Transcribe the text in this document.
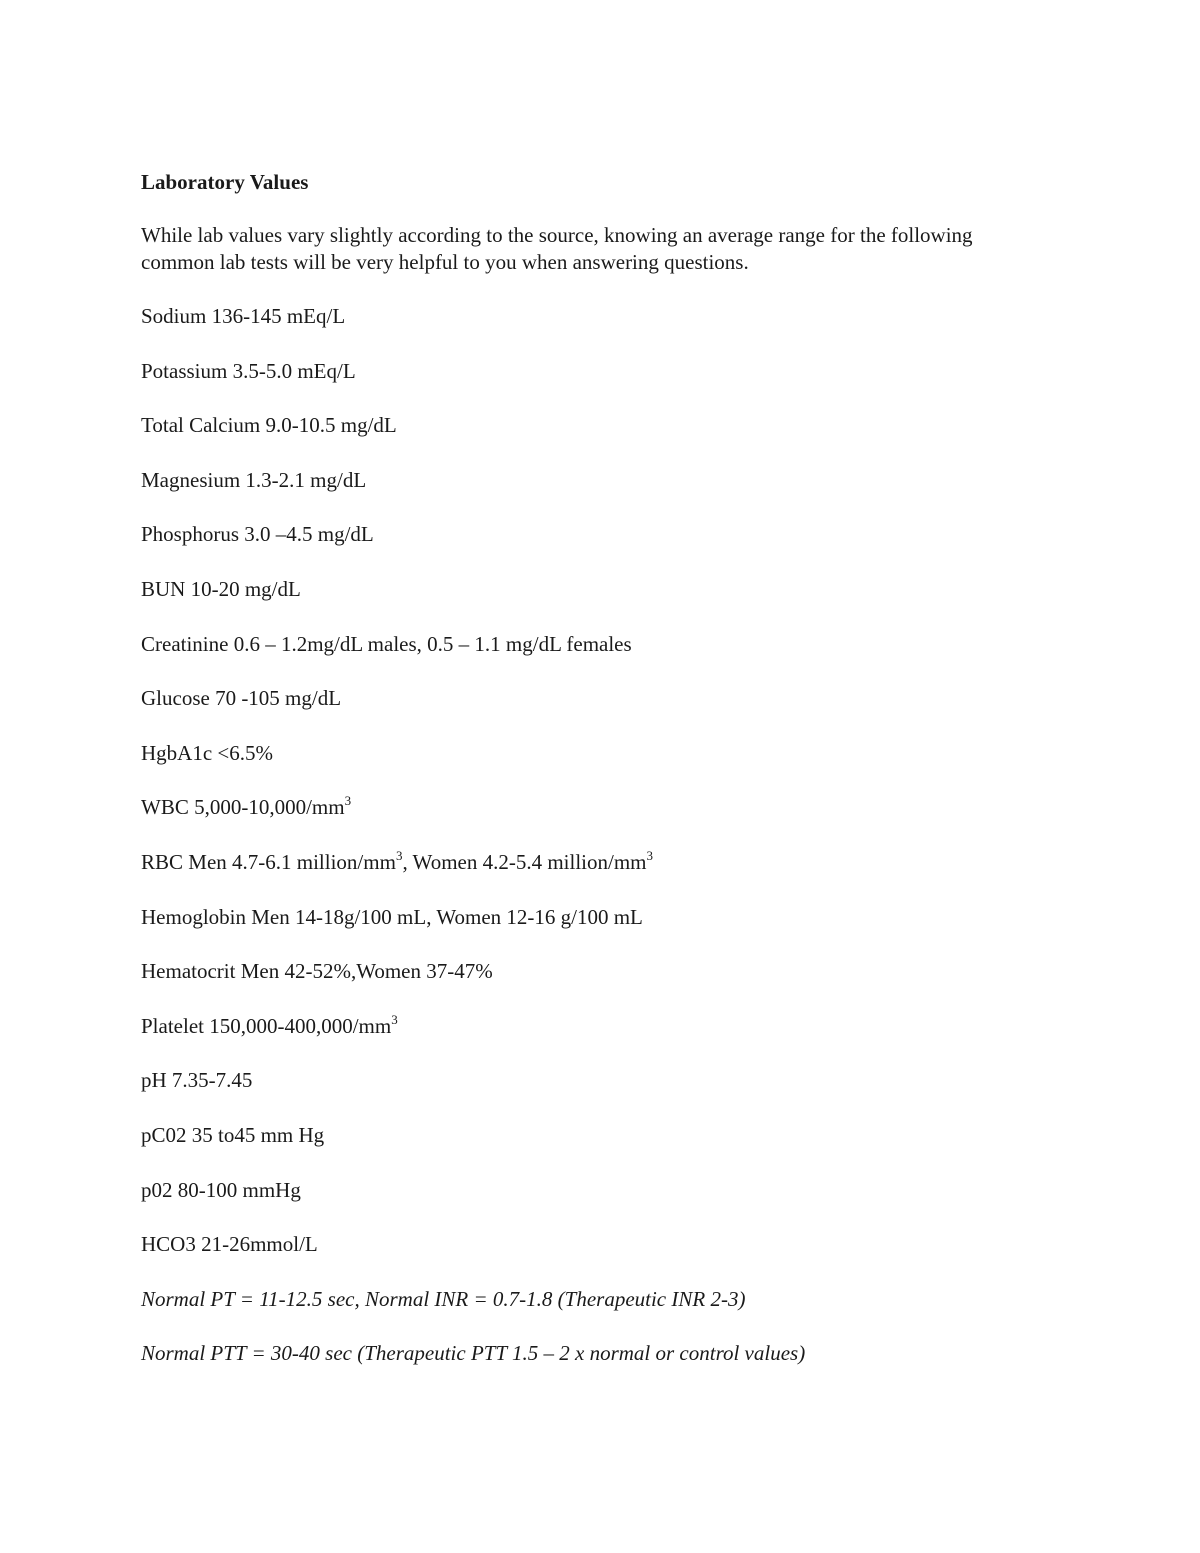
Laboratory Values
While lab values vary slightly according to the source, knowing an average range for the following common lab tests will be very helpful to you when answering questions.
Sodium 136-145 mEq/L
Potassium 3.5-5.0 mEq/L
Total Calcium 9.0-10.5 mg/dL
Magnesium 1.3-2.1 mg/dL
Phosphorus 3.0 –4.5 mg/dL
BUN 10-20 mg/dL
Creatinine 0.6 – 1.2mg/dL males, 0.5 – 1.1 mg/dL females
Glucose 70 -105 mg/dL
HgbA1c <6.5%
WBC $5,000-10,000/mm^3$
RBC Men 4.7-6.1 million/$mm^3$, Women 4.2-5.4 million/$mm^3$
Hemoglobin Men 14-18g/100 mL, Women 12-16 g/100 mL
Hematocrit Men 42-52%,Women 37-47%
Platelet $150,000-400,000/mm^3$
pH 7.35-7.45
pC02 35 to45 mm Hg
p02 80-100 mmHg
HCO3 21-26mmol/L
Normal PT = 11-12.5 sec, Normal INR = 0.7-1.8 (Therapeutic INR 2-3)
Normal PTT = 30-40 sec (Therapeutic PTT 1.5 – 2 x normal or control values)
